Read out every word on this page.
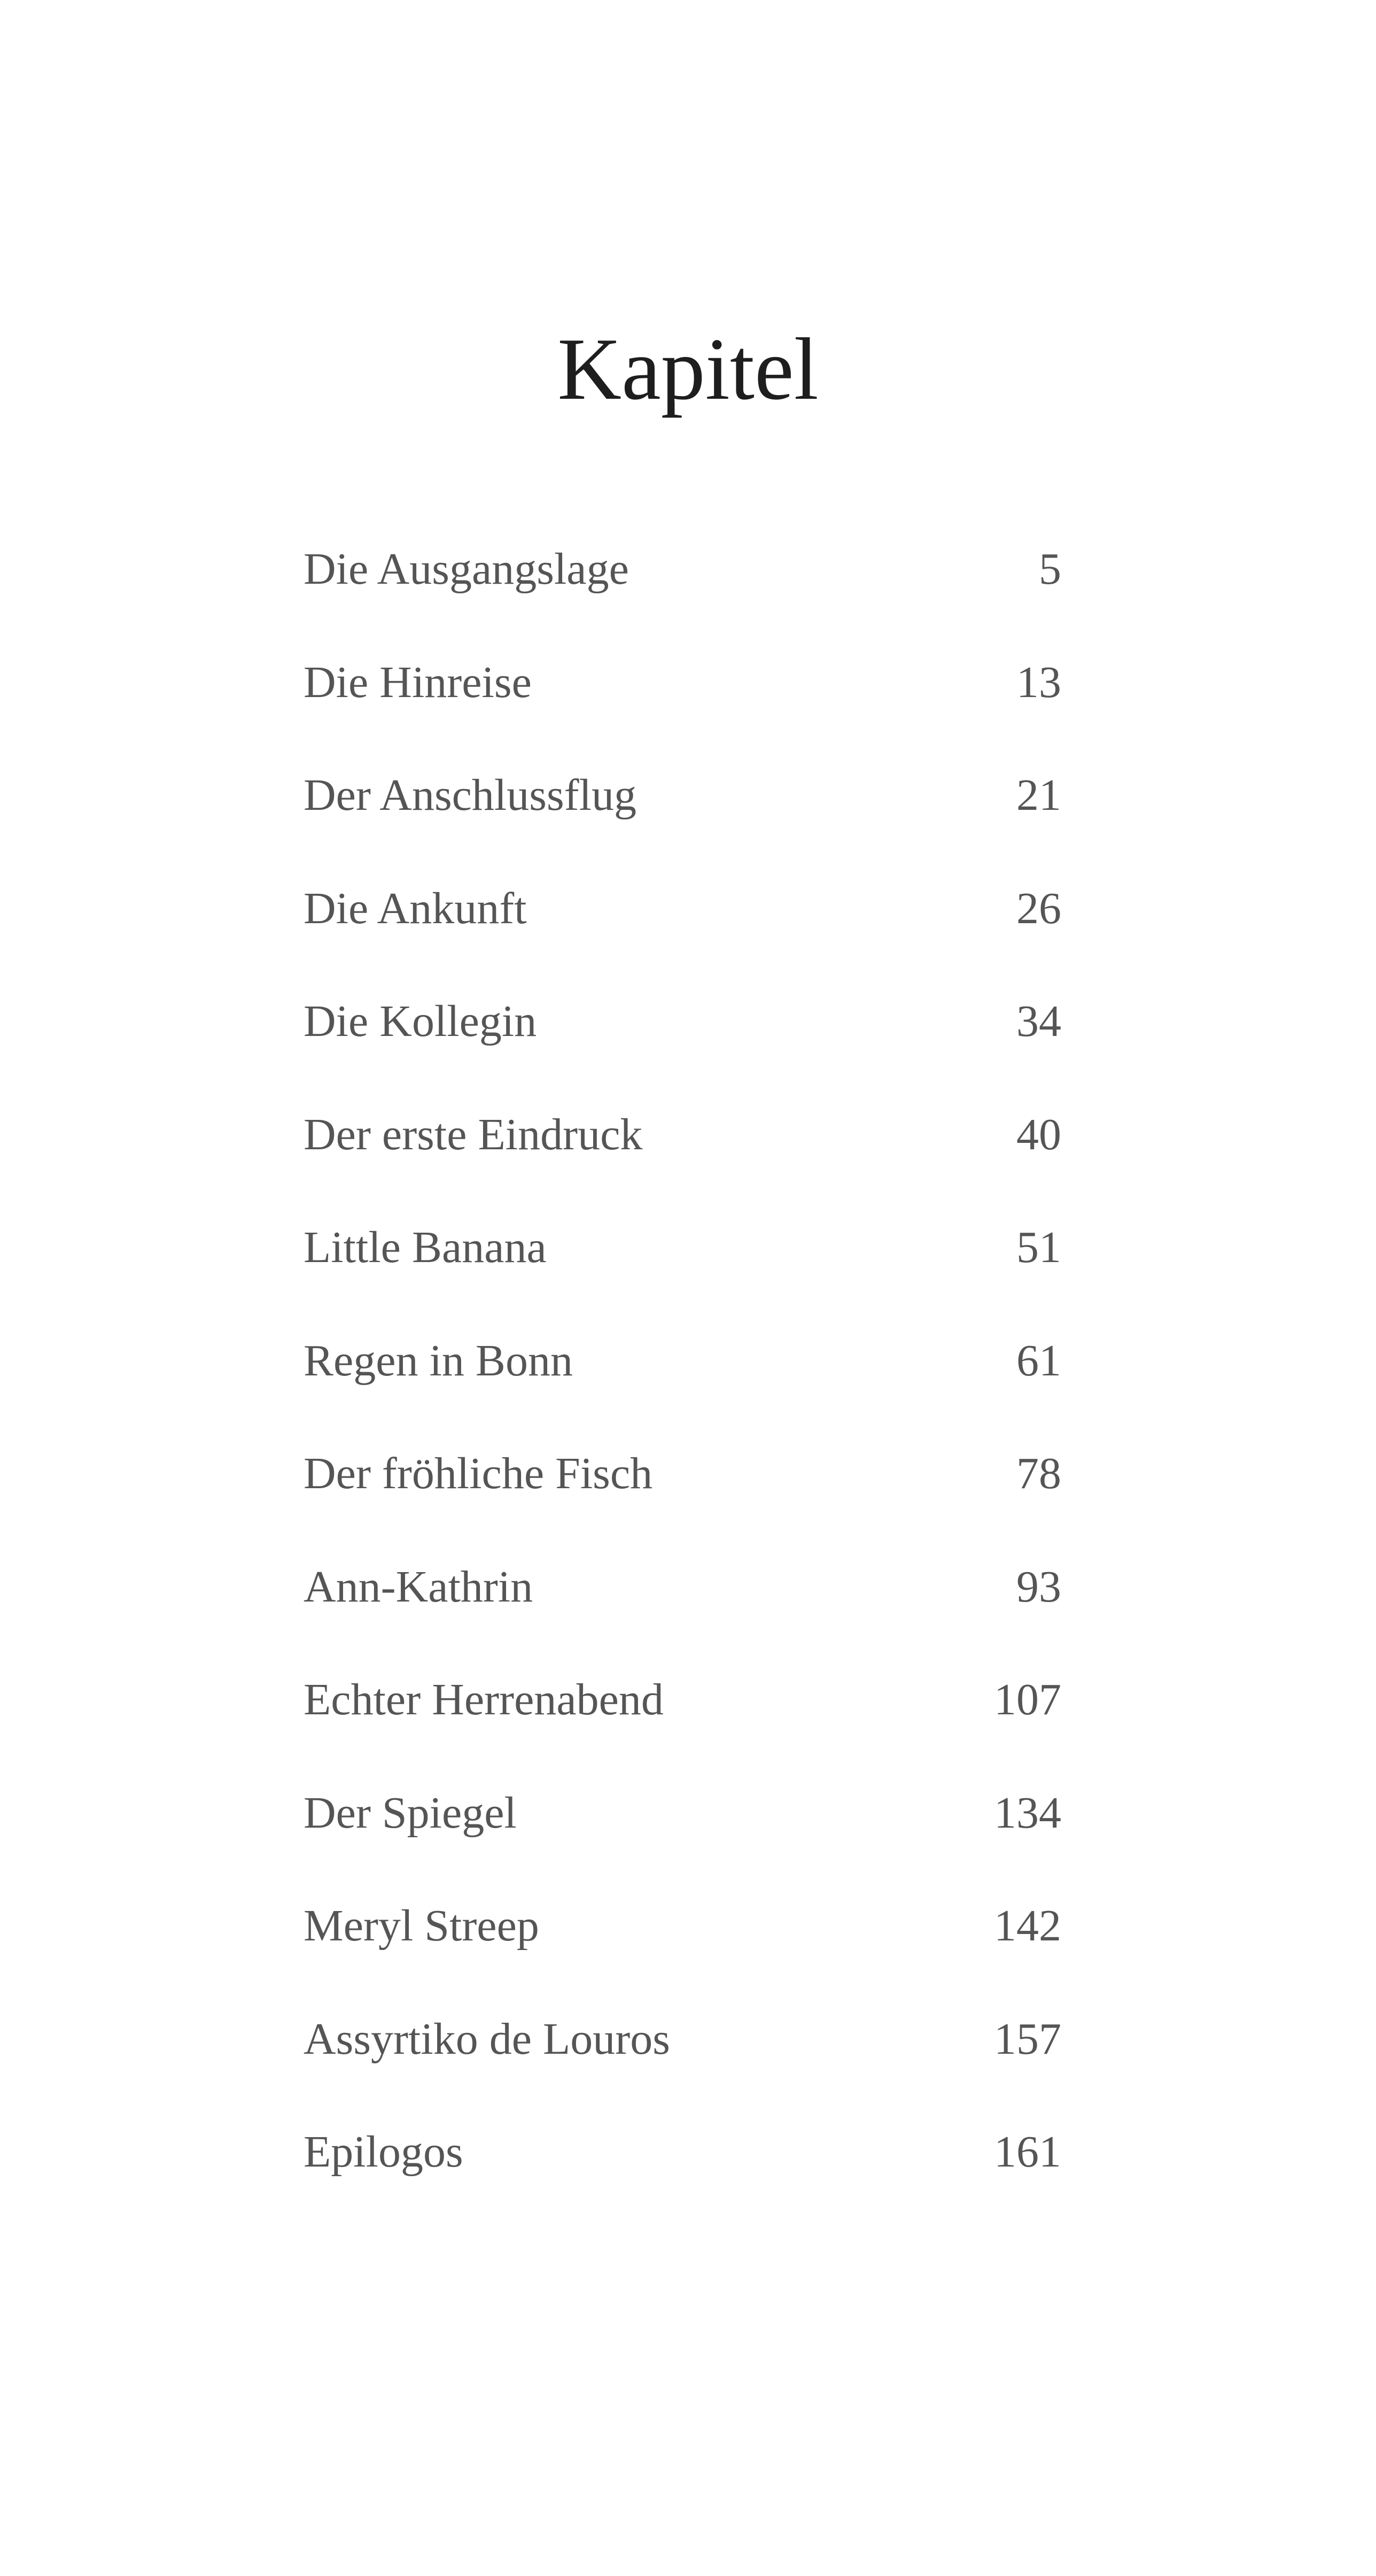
Kapitel
Die Ausgangslage	5
Die Hinreise	13
Der Anschlussflug	21
Die Ankunft	26
Die Kollegin	34
Der erste Eindruck	40
Little Banana	51
Regen in Bonn	61
Der fröhliche Fisch	78
Ann-Kathrin	93
Echter Herrenabend	107
Der Spiegel	134
Meryl Streep	142
Assyrtiko de Louros	157
Epilogos	161
